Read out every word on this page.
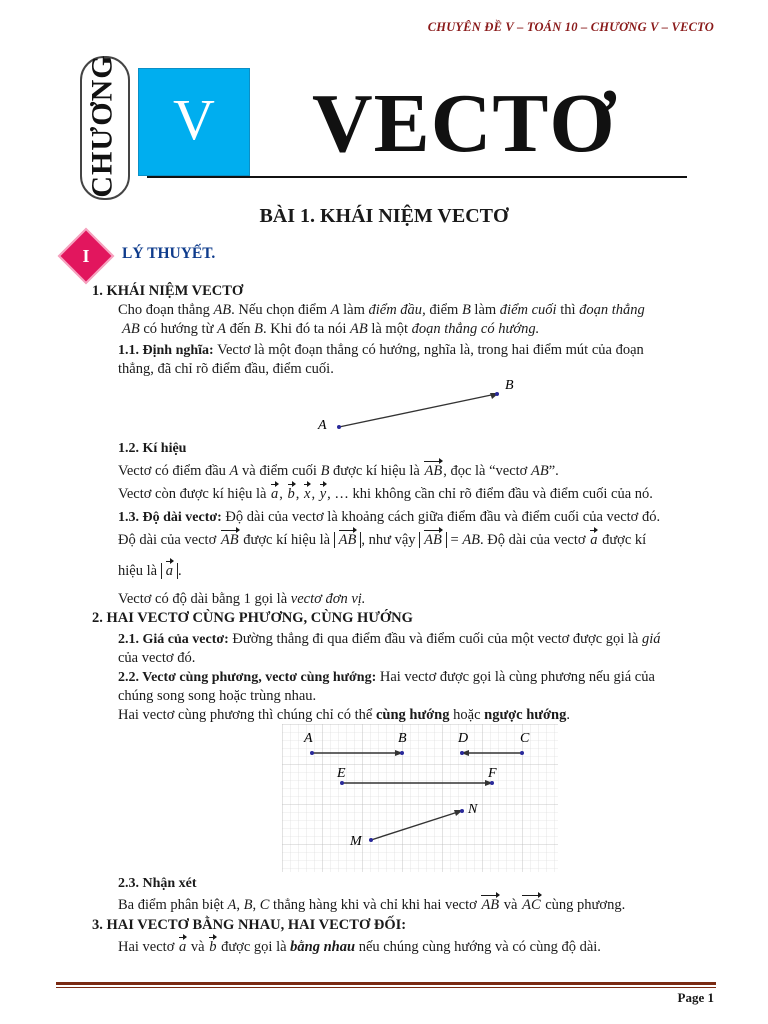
CHUYÊN ĐỀ V – TOÁN 10 – CHƯƠNG V – VECTO
CHƯƠNG V	VECTƠ
BÀI 1. KHÁI NIỆM VECTƠ
I	LÝ THUYẾT.
1. KHÁI NIỆM VECTƠ
Cho đoạn thẳng AB. Nếu chọn điểm A làm điểm đầu, điểm B làm điểm cuối thì đoạn thẳng
AB có hướng từ A đến B. Khi đó ta nói AB là một đoạn thẳng có hướng.
1.1. Định nghĩa: Vectơ là một đoạn thẳng có hướng, nghĩa là, trong hai điểm mút của đoạn
thẳng, đã chỉ rõ điểm đầu, điểm cuối.
A
B
1.2. Kí hiệu
Vectơ có điểm đầu A và điểm cuối B được kí hiệu là AB, đọc là “vectơ AB”.
Vectơ còn được kí hiệu là a, b, x, y, … khi không cần chỉ rõ điểm đầu và điểm cuối của nó.
1.3. Độ dài vectơ: Độ dài của vectơ là khoảng cách giữa điểm đầu và điểm cuối của vectơ đó.
Độ dài của vectơ AB được kí hiệu là AB , như vậy AB = AB. Độ dài của vectơ a được kí
hiệu là a .
Vectơ có độ dài bằng 1 gọi là vectơ đơn vị.
2. HAI VECTƠ CÙNG PHƯƠNG, CÙNG HƯỚNG
2.1. Giá của vectơ: Đường thẳng đi qua điểm đầu và điểm cuối của một vectơ được gọi là giá
của vectơ đó.
2.2. Vectơ cùng phương, vectơ cùng hướng: Hai vectơ được gọi là cùng phương nếu giá của
chúng song song hoặc trùng nhau.
Hai vectơ cùng phương thì chúng chỉ có thể cùng hướng hoặc ngược hướng.
A	B	D	C
E	F
M
N
2.3. Nhận xét
Ba điểm phân biệt A, B, C thẳng hàng khi và chỉ khi hai vectơ AB và AC cùng phương.
3. HAI VECTƠ BẰNG NHAU, HAI VECTƠ ĐỐI:
Hai vectơ a và b được gọi là bằng nhau nếu chúng cùng hướng và có cùng độ dài.
Page 1
